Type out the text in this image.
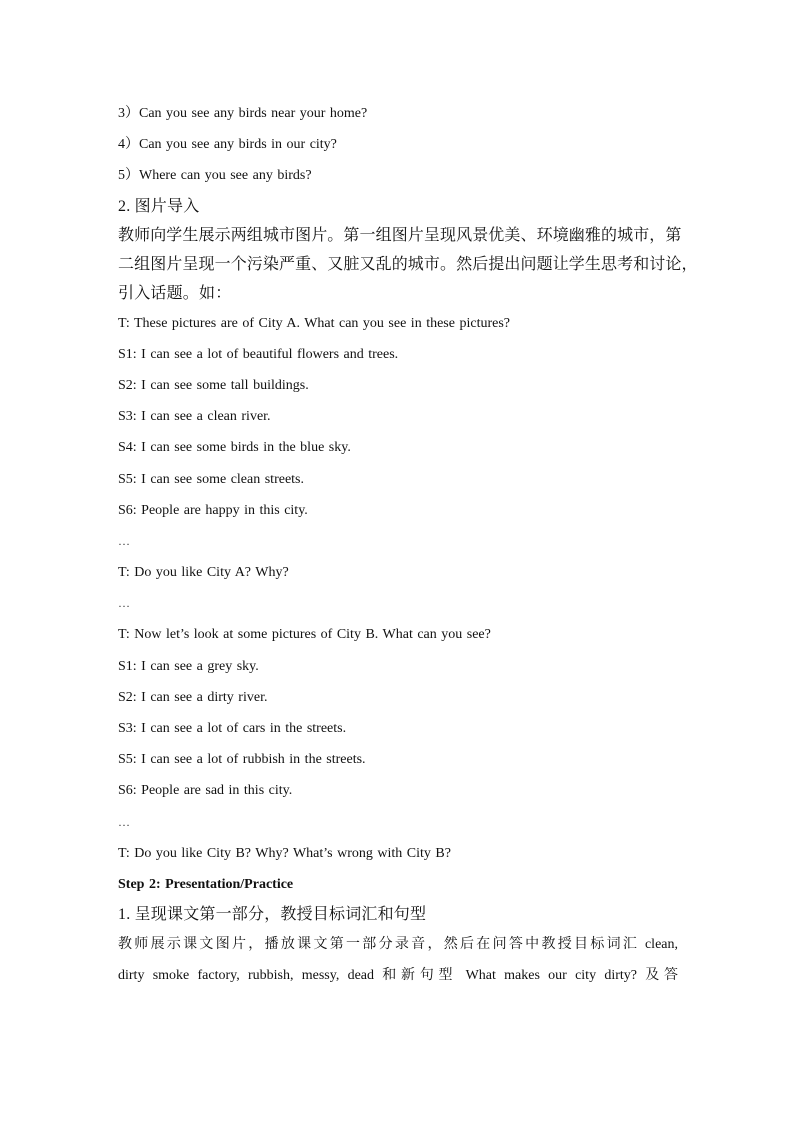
3）Can you see any birds near your home?
4）Can you see any birds in our city?
5）Where can you see any birds?
2. 图片导入
教师向学生展示两组城市图片。第一组图片呈现风景优美、环境幽雅的城市，第
二组图片呈现一个污染严重、又脏又乱的城市。然后提出问题让学生思考和讨论，
引入话题。如：
T: These pictures are of City A. What can you see in these pictures?
S1: I can see a lot of beautiful flowers and trees.
S2: I can see some tall buildings.
S3: I can see a clean river.
S4: I can see some birds in the blue sky.
S5: I can see some clean streets.
S6: People are happy in this city.
…
T: Do you like City A? Why?
…
T: Now let’s look at some pictures of City B. What can you see?
S1: I can see a grey sky.
S2: I can see a dirty river.
S3: I can see a lot of cars in the streets.
S5: I can see a lot of rubbish in the streets.
S6: People are sad in this city.
…
T: Do you like City B? Why? What’s wrong with City B?
Step 2: Presentation/Practice
1. 呈现课文第一部分，教授目标词汇和句型
教师展示课文图片，播放课文第一部分录音，然后在问答中教授目标词汇 clean,
dirty smoke factory, rubbish, messy, dead 和新句型 What makes our city dirty? 及答
